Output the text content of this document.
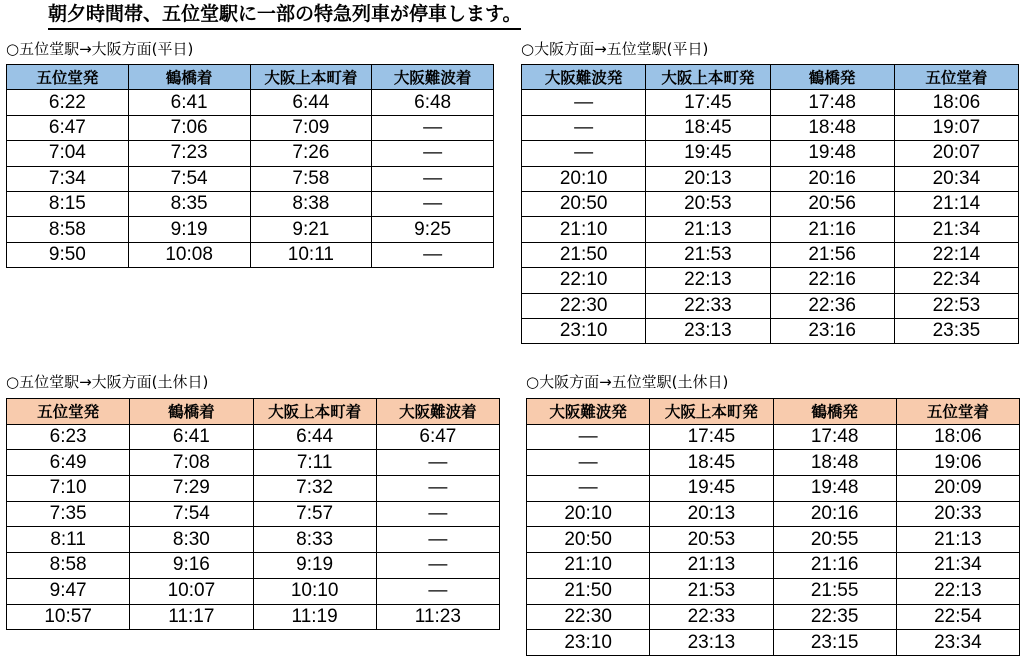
朝夕時間帯、五位堂駅に一部の特急列車が停車します。
○五位堂駅→大阪方面(平日)	○大阪方面→五位堂駅(平日)
○五位堂駅→大阪方面(土休日)	○大阪方面→五位堂駅(土休日)
五位堂発	鶴橋着	大阪上本町着	大阪難波着
6:22	6:41	6:44	6:48
6:47	7:06	7:09	―
7:04	7:23	7:26	―
7:34	7:54	7:58	―
8:15	8:35	8:38	―
8:58	9:19	9:21	9:25
9:50	10:08	10:11	―
大阪難波発	大阪上本町発	鶴橋発	五位堂着
―	17:45	17:48	18:06
―	18:45	18:48	19:07
―	19:45	19:48	20:07
20:10	20:13	20:16	20:34
20:50	20:53	20:56	21:14
21:10	21:13	21:16	21:34
21:50	21:53	21:56	22:14
22:10	22:13	22:16	22:34
22:30	22:33	22:36	22:53
23:10	23:13	23:16	23:35
五位堂発	鶴橋着	大阪上本町着	大阪難波着
6:23	6:41	6:44	6:47
6:49	7:08	7:11	―
7:10	7:29	7:32	―
7:35	7:54	7:57	―
8:11	8:30	8:33	―
8:58	9:16	9:19	―
9:47	10:07	10:10	―
10:57	11:17	11:19	11:23
大阪難波発	大阪上本町発	鶴橋発	五位堂着
―	17:45	17:48	18:06
―	18:45	18:48	19:06
―	19:45	19:48	20:09
20:10	20:13	20:16	20:33
20:50	20:53	20:55	21:13
21:10	21:13	21:16	21:34
21:50	21:53	21:55	22:13
22:30	22:33	22:35	22:54
23:10	23:13	23:15	23:34
